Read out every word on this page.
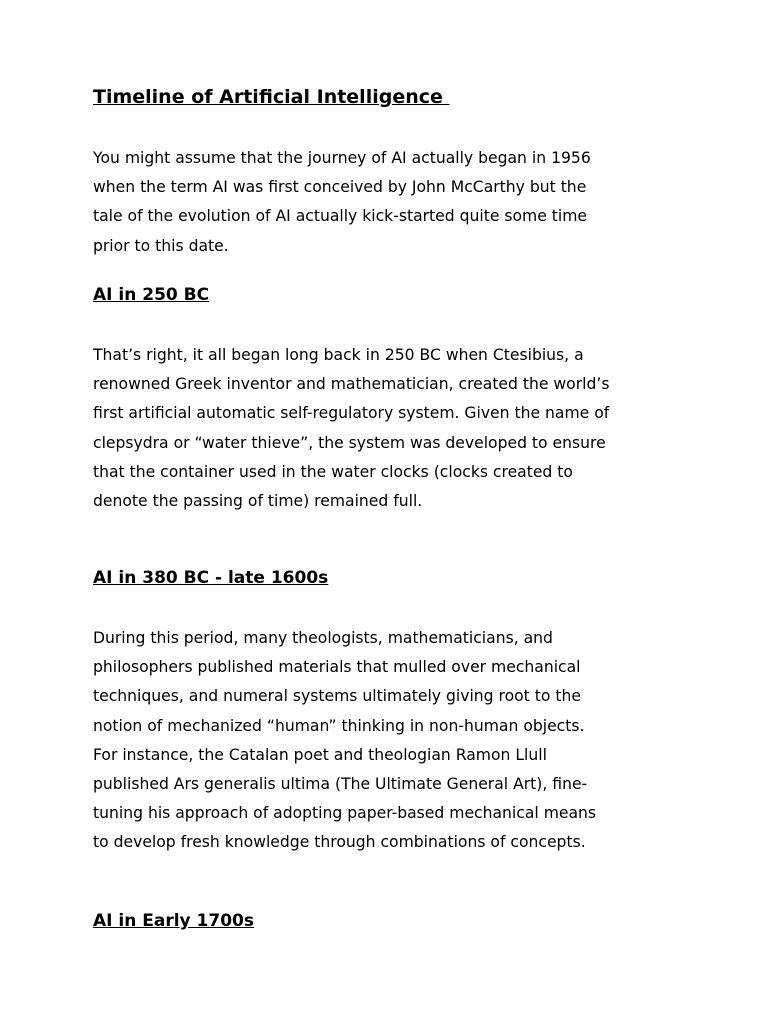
Timeline of Artificial Intelligence

You might assume that the journey of AI actually began in 1956
when the term AI was first conceived by John McCarthy but the
tale of the evolution of AI actually kick-started quite some time
prior to this date.

AI in 250 BC

That’s right, it all began long back in 250 BC when Ctesibius, a
renowned Greek inventor and mathematician, created the world’s
first artificial automatic self-regulatory system. Given the name of
clepsydra or “water thieve”, the system was developed to ensure
that the container used in the water clocks (clocks created to
denote the passing of time) remained full.

AI in 380 BC - late 1600s

During this period, many theologists, mathematicians, and
philosophers published materials that mulled over mechanical
techniques, and numeral systems ultimately giving root to the
notion of mechanized “human” thinking in non-human objects.
For instance, the Catalan poet and theologian Ramon Llull
published Ars generalis ultima (The Ultimate General Art), fine-
tuning his approach of adopting paper-based mechanical means
to develop fresh knowledge through combinations of concepts.

AI in Early 1700s
